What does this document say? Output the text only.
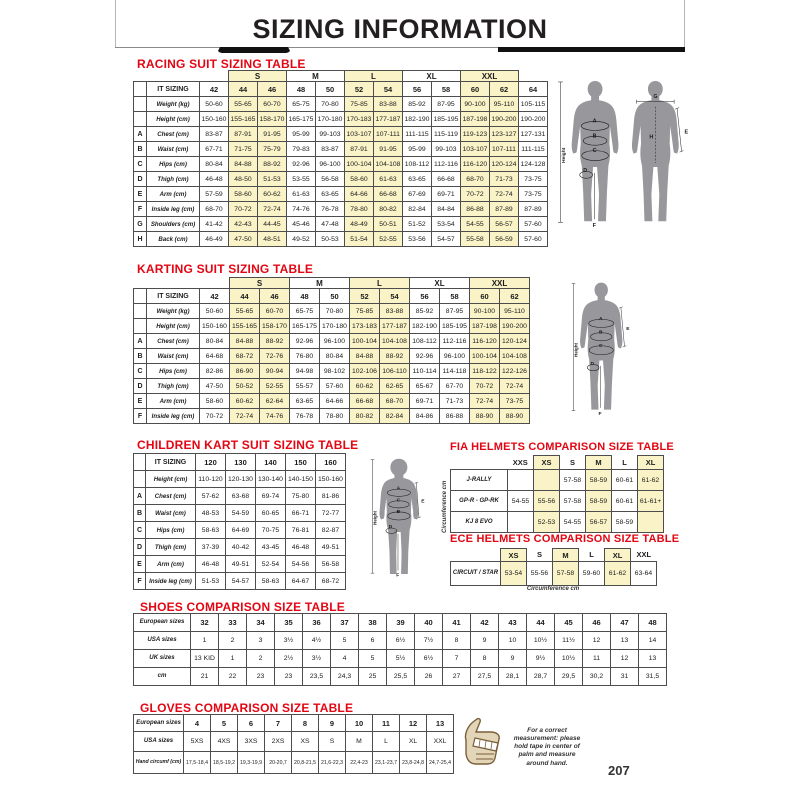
SIZING INFORMATION
RACING SUIT SIZING TABLE
			S		M		L		XL		XXL		
	IT SIZING	42	44	46	48	50	52	54	56	58	60	62	64
	Weight (kg)	50-60	55-65	60-70	65-75	70-80	75-85	83-88	85-92	87-95	90-100	95-110	105-115
	Height (cm)	150-160	155-165	158-170	165-175	170-180	170-183	177-187	182-190	185-195	187-198	190-200	190-200
A	Chest (cm)	83-87	87-91	91-95	95-99	99-103	103-107	107-111	111-115	115-119	119-123	123-127	127-131
B	Waist (cm)	67-71	71-75	75-79	79-83	83-87	87-91	91-95	95-99	99-103	103-107	107-111	111-115
C	Hips (cm)	80-84	84-88	88-92	92-96	96-100	100-104	104-108	108-112	112-116	116-120	120-124	124-128
D	Thigh (cm)	46-48	48-50	51-53	53-55	56-58	58-60	61-63	63-65	66-68	68-70	71-73	73-75
E	Arm (cm)	57-59	58-60	60-62	61-63	63-65	64-66	66-68	67-69	69-71	70-72	72-74	73-75
F	Inside leg (cm)	68-70	70-72	72-74	74-76	76-78	78-80	80-82	82-84	84-84	86-88	87-89	87-89
G	Shoulders (cm)	41-42	42-43	44-45	45-46	47-48	48-49	50-51	51-52	53-54	54-55	56-57	57-60
H	Back (cm)	46-49	47-50	48-51	49-52	50-53	51-54	52-55	53-56	54-57	55-58	56-59	57-60
Height
A
B
C
D
F
G
H
E
KARTING SUIT SIZING TABLE
			S		M		L		XL		XXL	
	IT SIZING	42	44	46	48	50	52	54	56	58	60	62
	Weight (kg)	50-60	55-65	60-70	65-75	70-80	75-85	83-88	85-92	87-95	90-100	95-110
	Height (cm)	150-160	155-165	158-170	165-175	170-180	173-183	177-187	182-190	185-195	187-198	190-200
A	Chest (cm)	80-84	84-88	88-92	92-96	96-100	100-104	104-108	108-112	112-116	116-120	120-124
B	Waist (cm)	64-68	68-72	72-76	76-80	80-84	84-88	88-92	92-96	96-100	100-104	104-108
C	Hips (cm)	82-86	86-90	90-94	94-98	98-102	102-106	106-110	110-114	114-118	118-122	122-126
D	Thigh (cm)	47-50	50-52	52-55	55-57	57-60	60-62	62-65	65-67	67-70	70-72	72-74
E	Arm (cm)	58-60	60-62	62-64	63-65	64-66	66-68	68-70	69-71	71-73	72-74	73-75
F	Inside leg (cm)	70-72	72-74	74-76	76-78	78-80	80-82	82-84	84-86	86-88	88-90	88-90
Height
A
B
C
D
E
F
CHILDREN KART SUIT SIZING TABLE
	IT SIZING	120	130	140	150	160
	Height (cm)	110-120	120-130	130-140	140-150	150-160
A	Chest (cm)	57-62	63-68	69-74	75-80	81-86
B	Waist (cm)	48-53	54-59	60-65	66-71	72-77
C	Hips (cm)	58-63	64-69	70-75	76-81	82-87
D	Thigh (cm)	37-39	40-42	43-45	46-48	49-51
E	Arm (cm)	46-48	49-51	52-54	54-56	56-58
F	Inside leg (cm)	51-53	54-57	58-63	64-67	68-72
Height
A
C
B
D
E
F
FIA HELMETS COMPARISON SIZE TABLE
Circumference cm
	XXS	XS	S	M	L	XL
J-RALLY			57-58	58-59	60-61	61-62
GP-R - GP-RK	54-55	55-56	57-58	58-59	60-61	61-61+
KJ 8 EVO		52-53	54-55	56-57	58-59	
ECE HELMETS COMPARISON SIZE TABLE
	XS	S	M	L	XL	XXL
CIRCUIT / STAR	53-54	55-56	57-58	59-60	61-62	63-64
Circumference cm
SHOES COMPARISON SIZE TABLE
European sizes	32	33	34	35	36	37	38	39	40	41	42	43	44	45	46	47	48
USA sizes	1	2	3	3½	4½	5	6	6½	7½	8	9	10	10½	11½	12	13	14
UK sizes	13 KID	1	2	2½	3½	4	5	5½	6½	7	8	9	9½	10½	11	12	13
cm	21	22	23	23	23,5	24,3	25	25,5	26	27	27,5	28,1	28,7	29,5	30,2	31	31,5
GLOVES COMPARISON SIZE TABLE
European sizes	4	5	6	7	8	9	10	11	12	13
USA sizes	5XS	4XS	3XS	2XS	XS	S	M	L	XL	XXL
Hand circumf (cm)	17,5-18,4	18,5-19,2	19,3-19,9	20-20,7	20,8-21,5	21,6-22,3	22,4-23	23,1-23,7	23,8-24,8	24,7-25,4
For a correct measurement: please hold tape in center of palm and measure around hand.	207
